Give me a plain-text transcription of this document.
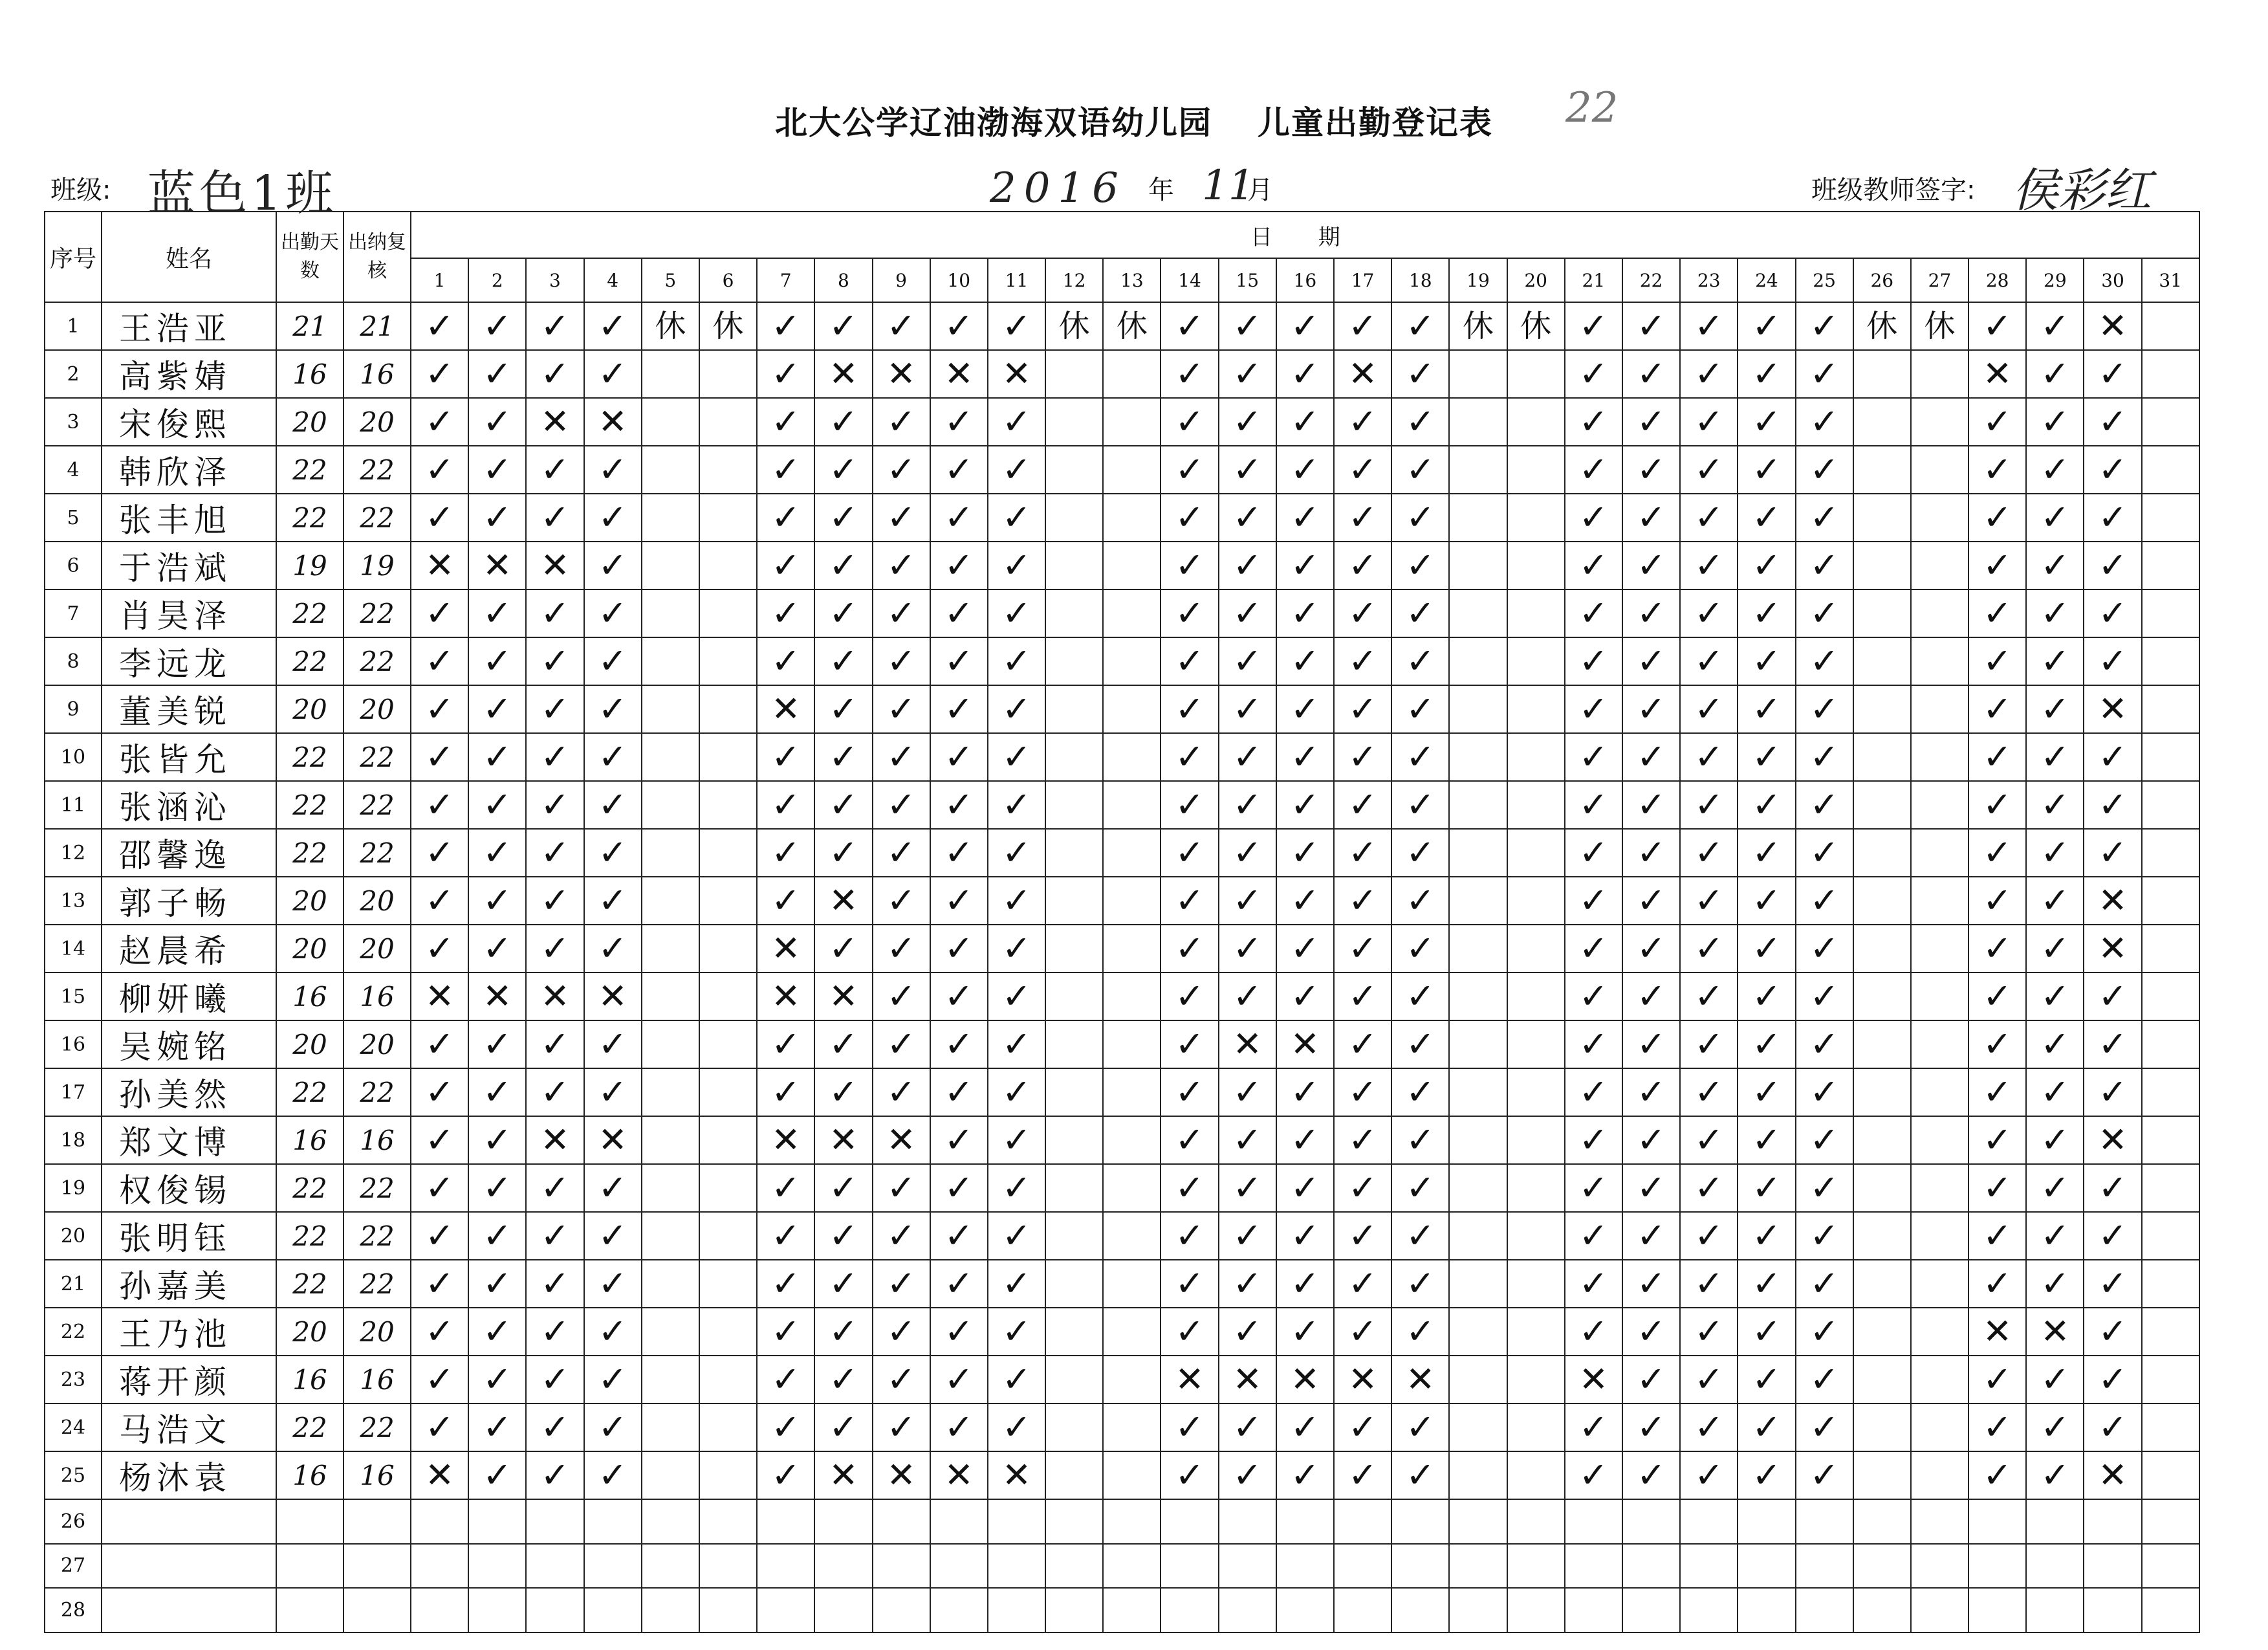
北大公学辽油渤海双语幼儿园 儿童出勤登记表	22
班级: 蓝色1班	2016 年 11
月	班级教师签字: 侯彩红
序号	姓名	出勤天数	出纳复核	日 期																														
				1	2	3	4	5	6	7	8	9	10	11	12	13	14	15	16	17	18	19	20	21	22	23	24	25	26	27	28	29	30	31
1	王浩亚	21	21	✓	✓	✓	✓	休	休	✓	✓	✓	✓	✓	休	休	✓	✓	✓	✓	✓	休	休	✓	✓	✓	✓	✓	休	休	✓	✓	✕	
2	高紫婧	16	16	✓	✓	✓	✓			✓	✕	✕	✕	✕			✓	✓	✓	✕	✓			✓	✓	✓	✓	✓			✕	✓	✓	
3	宋俊熙	20	20	✓	✓	✕	✕			✓	✓	✓	✓	✓			✓	✓	✓	✓	✓			✓	✓	✓	✓	✓			✓	✓	✓	
4	韩欣泽	22	22	✓	✓	✓	✓			✓	✓	✓	✓	✓			✓	✓	✓	✓	✓			✓	✓	✓	✓	✓			✓	✓	✓	
5	张丰旭	22	22	✓	✓	✓	✓			✓	✓	✓	✓	✓			✓	✓	✓	✓	✓			✓	✓	✓	✓	✓			✓	✓	✓	
6	于浩斌	19	19	✕	✕	✕	✓			✓	✓	✓	✓	✓			✓	✓	✓	✓	✓			✓	✓	✓	✓	✓			✓	✓	✓	
7	肖昊泽	22	22	✓	✓	✓	✓			✓	✓	✓	✓	✓			✓	✓	✓	✓	✓			✓	✓	✓	✓	✓			✓	✓	✓	
8	李远龙	22	22	✓	✓	✓	✓			✓	✓	✓	✓	✓			✓	✓	✓	✓	✓			✓	✓	✓	✓	✓			✓	✓	✓	
9	董美锐	20	20	✓	✓	✓	✓			✕	✓	✓	✓	✓			✓	✓	✓	✓	✓			✓	✓	✓	✓	✓			✓	✓	✕	
10	张皆允	22	22	✓	✓	✓	✓			✓	✓	✓	✓	✓			✓	✓	✓	✓	✓			✓	✓	✓	✓	✓			✓	✓	✓	
11	张涵沁	22	22	✓	✓	✓	✓			✓	✓	✓	✓	✓			✓	✓	✓	✓	✓			✓	✓	✓	✓	✓			✓	✓	✓	
12	邵馨逸	22	22	✓	✓	✓	✓			✓	✓	✓	✓	✓			✓	✓	✓	✓	✓			✓	✓	✓	✓	✓			✓	✓	✓	
13	郭子畅	20	20	✓	✓	✓	✓			✓	✕	✓	✓	✓			✓	✓	✓	✓	✓			✓	✓	✓	✓	✓			✓	✓	✕	
14	赵晨希	20	20	✓	✓	✓	✓			✕	✓	✓	✓	✓			✓	✓	✓	✓	✓			✓	✓	✓	✓	✓			✓	✓	✕	
15	柳妍曦	16	16	✕	✕	✕	✕			✕	✕	✓	✓	✓			✓	✓	✓	✓	✓			✓	✓	✓	✓	✓			✓	✓	✓	
16	吴婉铭	20	20	✓	✓	✓	✓			✓	✓	✓	✓	✓			✓	✕	✕	✓	✓			✓	✓	✓	✓	✓			✓	✓	✓	
17	孙美然	22	22	✓	✓	✓	✓			✓	✓	✓	✓	✓			✓	✓	✓	✓	✓			✓	✓	✓	✓	✓			✓	✓	✓	
18	郑文博	16	16	✓	✓	✕	✕			✕	✕	✕	✓	✓			✓	✓	✓	✓	✓			✓	✓	✓	✓	✓			✓	✓	✕	
19	权俊锡	22	22	✓	✓	✓	✓			✓	✓	✓	✓	✓			✓	✓	✓	✓	✓			✓	✓	✓	✓	✓			✓	✓	✓	
20	张明钰	22	22	✓	✓	✓	✓			✓	✓	✓	✓	✓			✓	✓	✓	✓	✓			✓	✓	✓	✓	✓			✓	✓	✓	
21	孙嘉美	22	22	✓	✓	✓	✓			✓	✓	✓	✓	✓			✓	✓	✓	✓	✓			✓	✓	✓	✓	✓			✓	✓	✓	
22	王乃池	20	20	✓	✓	✓	✓			✓	✓	✓	✓	✓			✓	✓	✓	✓	✓			✓	✓	✓	✓	✓			✕	✕	✓	
23	蒋开颜	16	16	✓	✓	✓	✓			✓	✓	✓	✓	✓			✕	✕	✕	✕	✕			✕	✓	✓	✓	✓			✓	✓	✓	
24	马浩文	22	22	✓	✓	✓	✓			✓	✓	✓	✓	✓			✓	✓	✓	✓	✓			✓	✓	✓	✓	✓			✓	✓	✓	
25	杨沐袁	16	16	✕	✓	✓	✓			✓	✕	✕	✕	✕			✓	✓	✓	✓	✓			✓	✓	✓	✓	✓			✓	✓	✕	
26																																		
27																																		
28																																		
